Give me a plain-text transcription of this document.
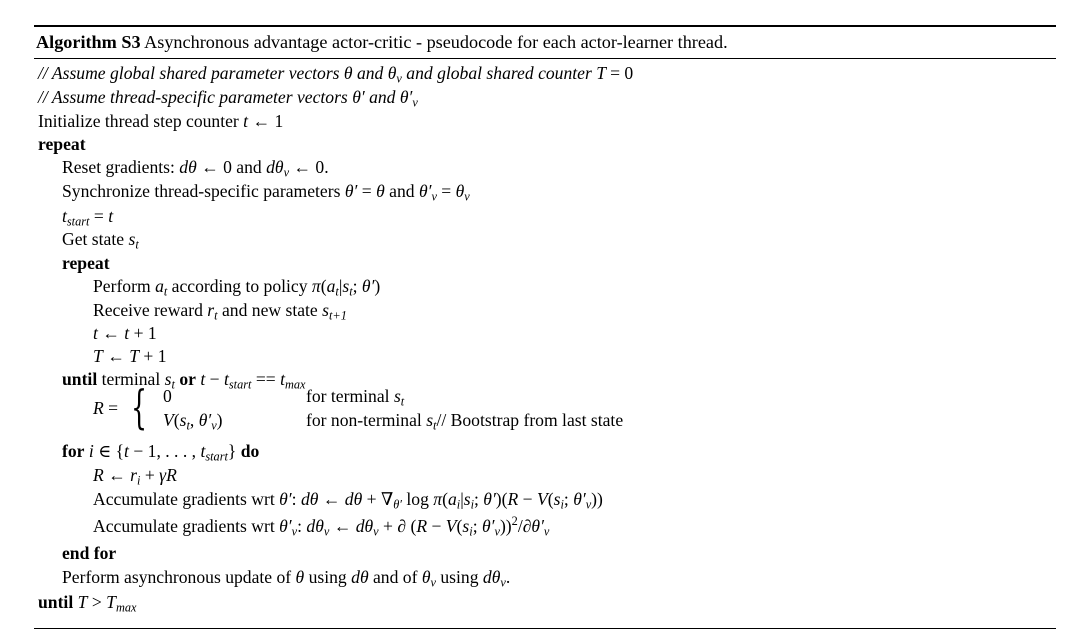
Algorithm S3 Asynchronous advantage actor-critic - pseudocode for each actor-learner thread.
// Assume global shared parameter vectors θ and $\theta_v$ and global shared counter T = 0
// Assume thread-specific parameter vectors θ′ and $\theta'_v$
Initialize thread step counter t ← 1
repeat
Reset gradients: dθ ← 0 and $d\theta_v$ ← 0.
Synchronize thread-specific parameters θ′ = θ and $\theta'_v = \theta_v$
$t_{start} = t$
Get state $s_t$
repeat
Perform $a_t$ according to policy $\pi(a_t|s_t$; θ′)
Receive reward $r_t$ and new state $s_{t+1}$
t ← t + 1
T ← T + 1
until terminal $s_t$ or $t - t_{start} == t_{max}$
R = { 0
$V(s_t$, $\theta'_v$)
for terminal $s_t$
for non-terminal $s_t//$ Bootstrap from last state
for i ∈ {t − 1, . . . , $t_{start}$} do
R ← $r_i + \gamma R$
Accumulate gradients wrt θ′: dθ ← $d\theta + \nabla_{\theta'}$ $\log \pi(a_i|s_i$; $\theta')(R - V(s_i$; $\theta'_v$))
Accumulate gradients wrt $\theta'_v$: $d\theta_v$ ← $d\theta_v$ + ∂ ($R - V(s_i$; $\theta'_v))^2/\partial\theta'_v$
end for
Perform asynchronous update of θ using dθ and of $\theta_v$ using $d\theta_v$.
until $T > T_{max}$
